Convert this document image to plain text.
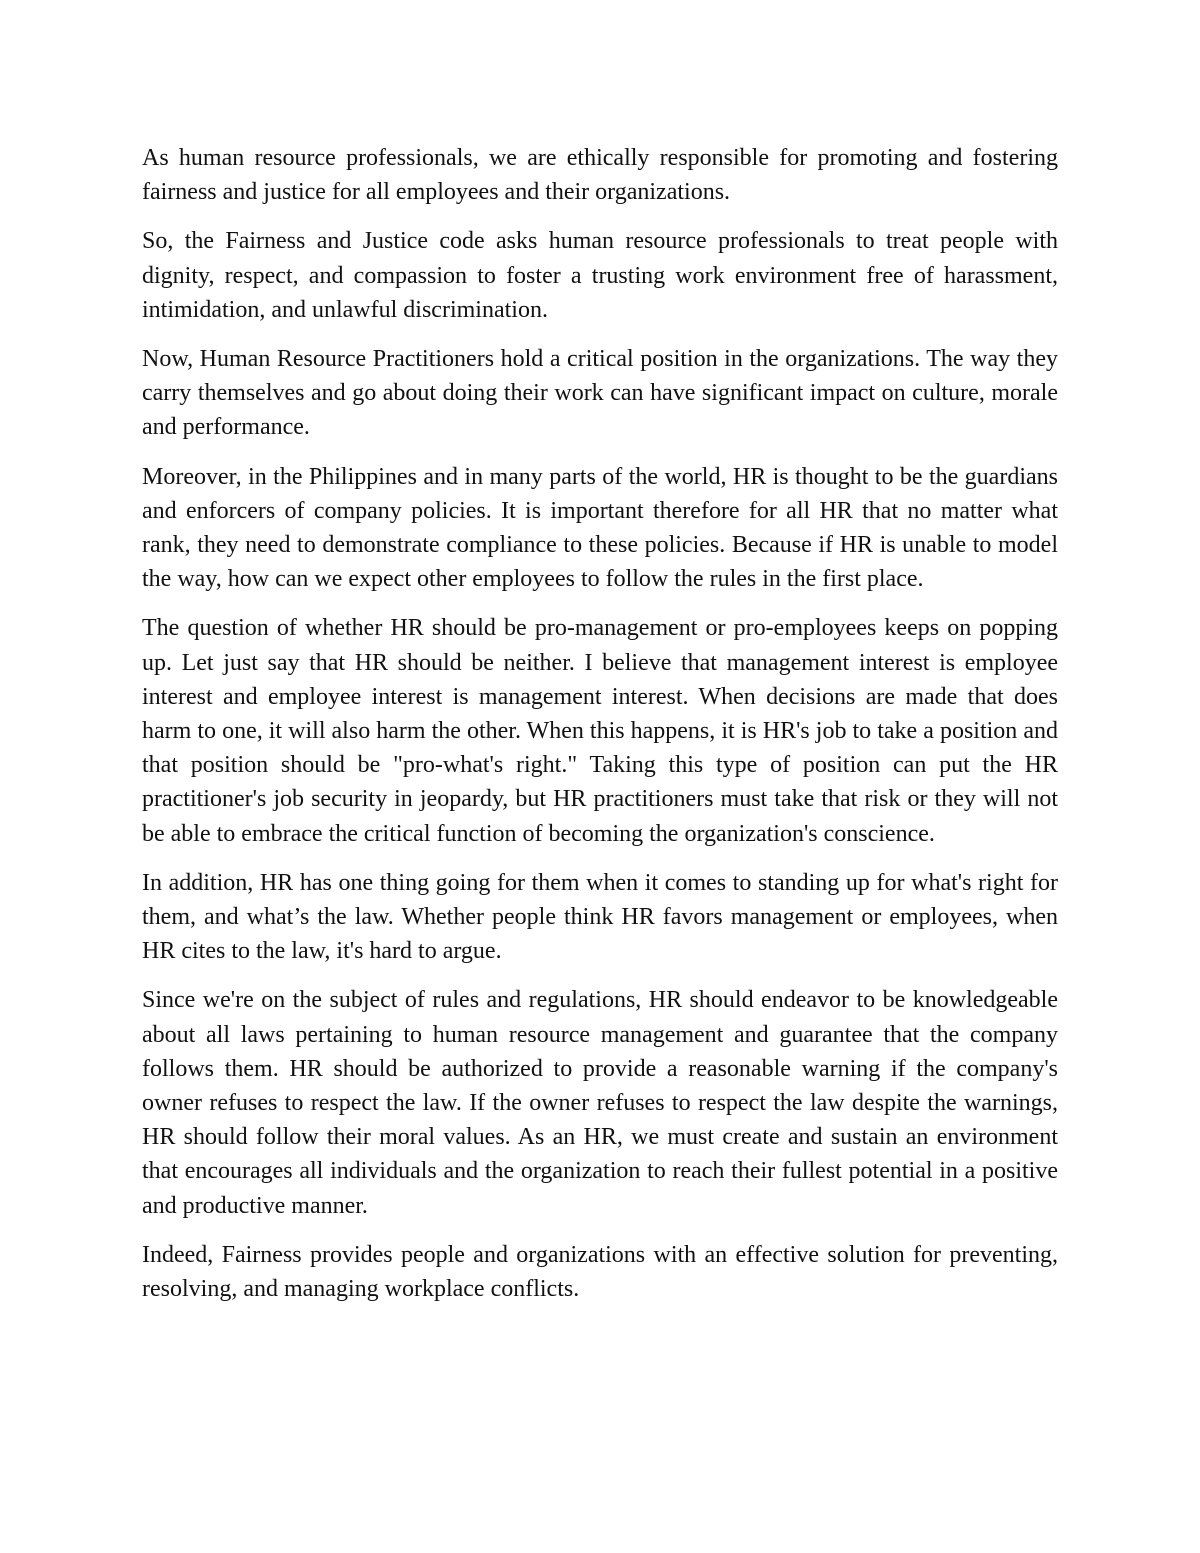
As human resource professionals, we are ethically responsible for promoting and fostering fairness and justice for all employees and their organizations.

So, the Fairness and Justice code asks human resource professionals to treat people with dignity, respect, and compassion to foster a trusting work environment free of harassment, intimidation, and unlawful discrimination.

Now, Human Resource Practitioners hold a critical position in the organizations. The way they carry themselves and go about doing their work can have significant impact on culture, morale and performance.

Moreover, in the Philippines and in many parts of the world, HR is thought to be the guardians and enforcers of company policies. It is important therefore for all HR that no matter what rank, they need to demonstrate compliance to these policies. Because if HR is unable to model the way, how can we expect other employees to follow the rules in the first place.

The question of whether HR should be pro-management or pro-employees keeps on popping up. Let just say that HR should be neither. I believe that management interest is employee interest and employee interest is management interest. When decisions are made that does harm to one, it will also harm the other. When this happens, it is HR's job to take a position and that position should be "pro-what's right." Taking this type of position can put the HR practitioner's job security in jeopardy, but HR practitioners must take that risk or they will not be able to embrace the critical function of becoming the organization's conscience.

In addition, HR has one thing going for them when it comes to standing up for what's right for them, and what’s the law. Whether people think HR favors management or employees, when HR cites to the law, it's hard to argue.

Since we're on the subject of rules and regulations, HR should endeavor to be knowledgeable about all laws pertaining to human resource management and guarantee that the company follows them. HR should be authorized to provide a reasonable warning if the company's owner refuses to respect the law. If the owner refuses to respect the law despite the warnings, HR should follow their moral values. As an HR, we must create and sustain an environment that encourages all individuals and the organization to reach their fullest potential in a positive and productive manner.

Indeed, Fairness provides people and organizations with an effective solution for preventing, resolving, and managing workplace conflicts.
